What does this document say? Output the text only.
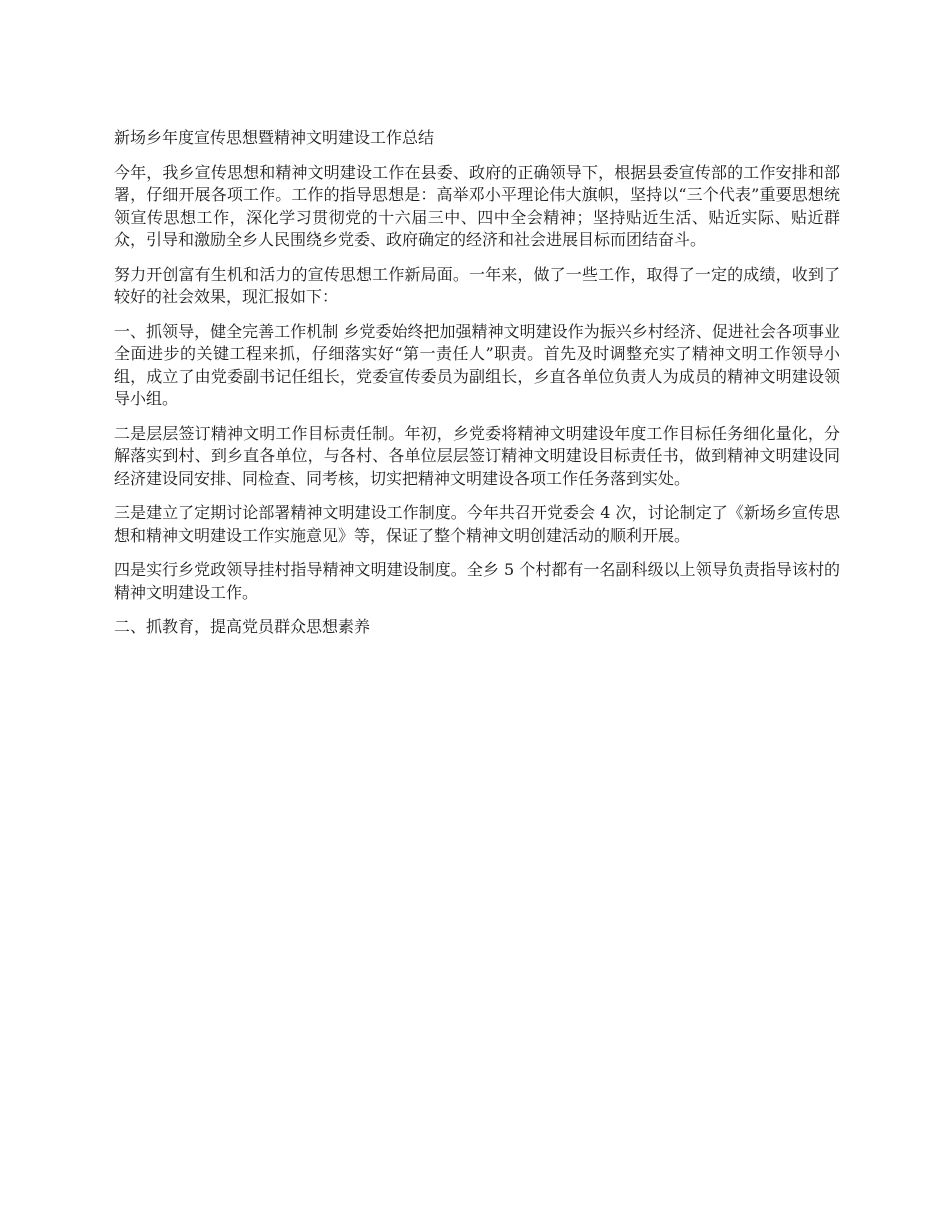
新场乡年度宣传思想暨精神文明建设工作总结

今年，我乡宣传思想和精神文明建设工作在县委、政府的正确领导下，根据县委宣传部的工作安排和部署，仔细开展各项工作。工作的指导思想是：高举邓小平理论伟大旗帜，坚持以“三个代表”重要思想统领宣传思想工作，深化学习贯彻党的十六届三中、四中全会精神；坚持贴近生活、贴近实际、贴近群众，引导和激励全乡人民围绕乡党委、政府确定的经济和社会进展目标而团结奋斗。

努力开创富有生机和活力的宣传思想工作新局面。一年来，做了一些工作，取得了一定的成绩，收到了较好的社会效果，现汇报如下：

一、抓领导，健全完善工作机制 乡党委始终把加强精神文明建设作为振兴乡村经济、促进社会各项事业全面进步的关键工程来抓，仔细落实好“第一责任人”职责。首先及时调整充实了精神文明工作领导小组，成立了由党委副书记任组长，党委宣传委员为副组长，乡直各单位负责人为成员的精神文明建设领导小组。

二是层层签订精神文明工作目标责任制。年初，乡党委将精神文明建设年度工作目标任务细化量化，分解落实到村、到乡直各单位，与各村、各单位层层签订精神文明建设目标责任书，做到精神文明建设同经济建设同安排、同检查、同考核，切实把精神文明建设各项工作任务落到实处。

三是建立了定期讨论部署精神文明建设工作制度。今年共召开党委会 4 次，讨论制定了《新场乡宣传思想和精神文明建设工作实施意见》等，保证了整个精神文明创建活动的顺利开展。

四是实行乡党政领导挂村指导精神文明建设制度。全乡 5 个村都有一名副科级以上领导负责指导该村的精神文明建设工作。

二、抓教育，提高党员群众思想素养
